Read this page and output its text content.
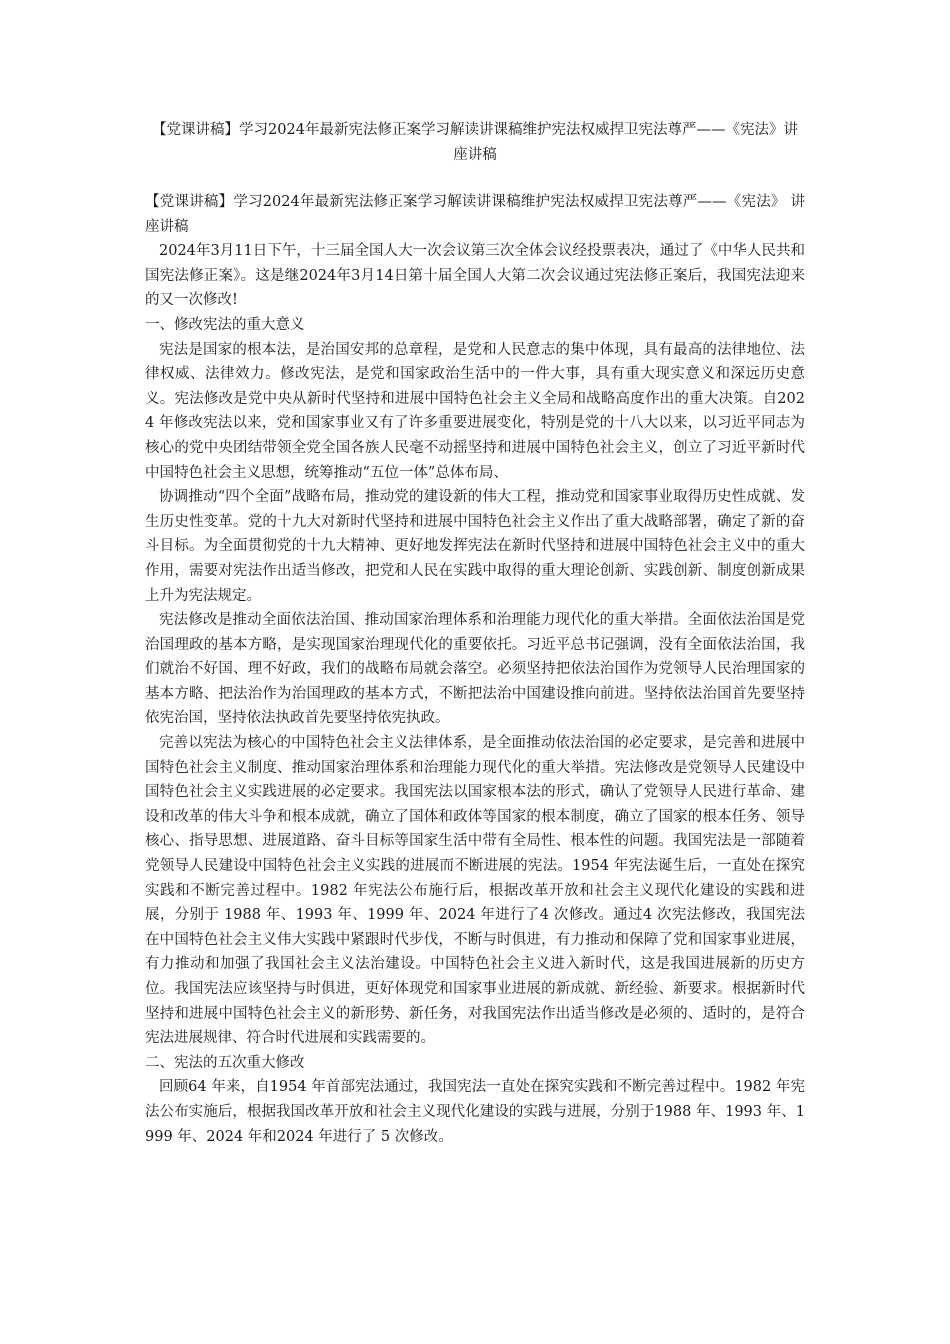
【党课讲稿】学习2024年最新宪法修正案学习解读讲课稿维护宪法权威捍卫宪法尊严——《宪法》讲座讲稿

【党课讲稿】学习2024年最新宪法修正案学习解读讲课稿维护宪法权威捍卫宪法尊严——《宪法》 讲座讲稿

2024年3月11日下午，十三届全国人大一次会议第三次全体会议经投票表决，通过了《中华人民共和国宪法修正案》。这是继2024年3月14日第十届全国人大第二次会议通过宪法修正案后，我国宪法迎来的又一次修改!

一、修改宪法的重大意义

宪法是国家的根本法，是治国安邦的总章程，是党和人民意志的集中体现，具有最高的法律地位、法律权威、法律效力。修改宪法，是党和国家政治生活中的一件大事，具有重大现实意义和深远历史意义。宪法修改是党中央从新时代坚持和进展中国特色社会主义全局和战略高度作出的重大决策。自2024 年修改宪法以来，党和国家事业又有了许多重要进展变化，特别是党的十八大以来，以习近平同志为核心的党中央团结带领全党全国各族人民毫不动摇坚持和进展中国特色社会主义，创立了习近平新时代中国特色社会主义思想，统筹推动“五位一体”总体布局、

协调推动“四个全面”战略布局，推动党的建设新的伟大工程，推动党和国家事业取得历史性成就、发生历史性变革。党的十九大对新时代坚持和进展中国特色社会主义作出了重大战略部署，确定了新的奋斗目标。为全面贯彻党的十九大精神、更好地发挥宪法在新时代坚持和进展中国特色社会主义中的重大作用，需要对宪法作出适当修改，把党和人民在实践中取得的重大理论创新、实践创新、制度创新成果上升为宪法规定。

宪法修改是推动全面依法治国、推动国家治理体系和治理能力现代化的重大举措。全面依法治国是党治国理政的基本方略，是实现国家治理现代化的重要依托。习近平总书记强调，没有全面依法治国，我们就治不好国、理不好政，我们的战略布局就会落空。必须坚持把依法治国作为党领导人民治理国家的基本方略、把法治作为治国理政的基本方式，不断把法治中国建设推向前进。坚持依法治国首先要坚持依宪治国，坚持依法执政首先要坚持依宪执政。

完善以宪法为核心的中国特色社会主义法律体系，是全面推动依法治国的必定要求，是完善和进展中国特色社会主义制度、推动国家治理体系和治理能力现代化的重大举措。宪法修改是党领导人民建设中国特色社会主义实践进展的必定要求。我国宪法以国家根本法的形式，确认了党领导人民进行革命、建设和改革的伟大斗争和根本成就，确立了国体和政体等国家的根本制度，确立了国家的根本任务、领导核心、指导思想、进展道路、奋斗目标等国家生活中带有全局性、根本性的问题。我国宪法是一部随着党领导人民建设中国特色社会主义实践的进展而不断进展的宪法。1954 年宪法诞生后，一直处在探究实践和不断完善过程中。1982 年宪法公布施行后，根据改革开放和社会主义现代化建设的实践和进展，分别于 1988 年、1993 年、1999 年、2024 年进行了4 次修改。通过4 次宪法修改，我国宪法在中国特色社会主义伟大实践中紧跟时代步伐，不断与时俱进，有力推动和保障了党和国家事业进展，有力推动和加强了我国社会主义法治建设。中国特色社会主义进入新时代，这是我国进展新的历史方位。我国宪法应该坚持与时俱进，更好体现党和国家事业进展的新成就、新经验、新要求。根据新时代坚持和进展中国特色社会主义的新形势、新任务，对我国宪法作出适当修改是必须的、适时的，是符合宪法进展规律、符合时代进展和实践需要的。

二、宪法的五次重大修改

回顾64 年来，自1954 年首部宪法通过，我国宪法一直处在探究实践和不断完善过程中。1982 年宪法公布实施后，根据我国改革开放和社会主义现代化建设的实践与进展，分别于1988 年、1993 年、1999 年、2024 年和2024 年进行了 5 次修改。
